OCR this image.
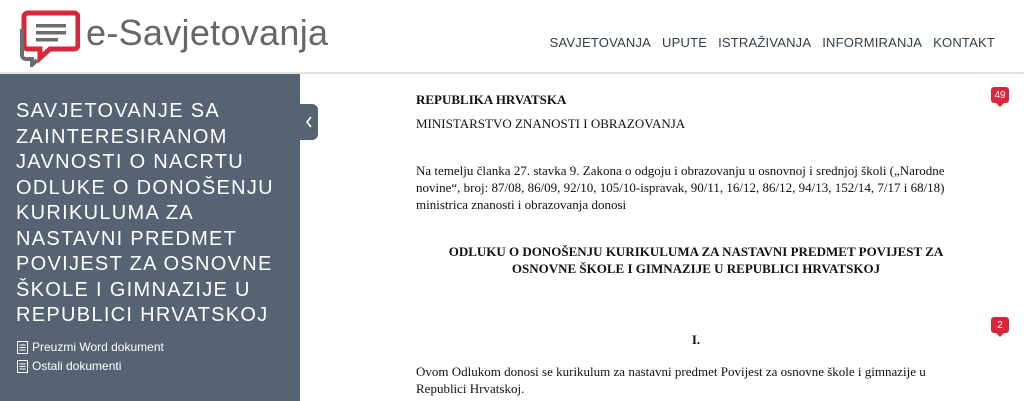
e-Savjetovanja	SAVJETOVANJA UPUTE ISTRAŽIVANJA INFORMIRANJA KONTAKT
SAVJETOVANJE SA ZAINTERESIRANOM JAVNOSTI O NACRTU ODLUKE O DONOŠENJU KURIKULUMA ZA NASTAVNI PREDMET POVIJEST ZA OSNOVNE ŠKOLE I GIMNAZIJE U REPUBLICI HRVATSKOJ
Preuzmi Word dokument
Ostali dokumenti

REPUBLIKA HRVATSKA

MINISTARSTVO ZNANOSTI I OBRAZOVANJA

Na temelju članka 27. stavka 9. Zakona o odgoju i obrazovanju u osnovnoj i srednjoj školi („Narodne

novine“, broj: 87/08, 86/09, 92/10, 105/10-ispravak, 90/11, 16/12, 86/12, 94/13, 152/14, 7/17 i 68/18)

ministrica znanosti i obrazovanja donosi

ODLUKU O DONOŠENJU KURIKULUMA ZA NASTAVNI PREDMET POVIJEST ZA

OSNOVNE ŠKOLE I GIMNAZIJE U REPUBLICI HRVATSKOJ

I.

Ovom Odlukom donosi se kurikulum za nastavni predmet Povijest za osnovne škole i gimnazije u

Republici Hrvatskoj.

49
2
